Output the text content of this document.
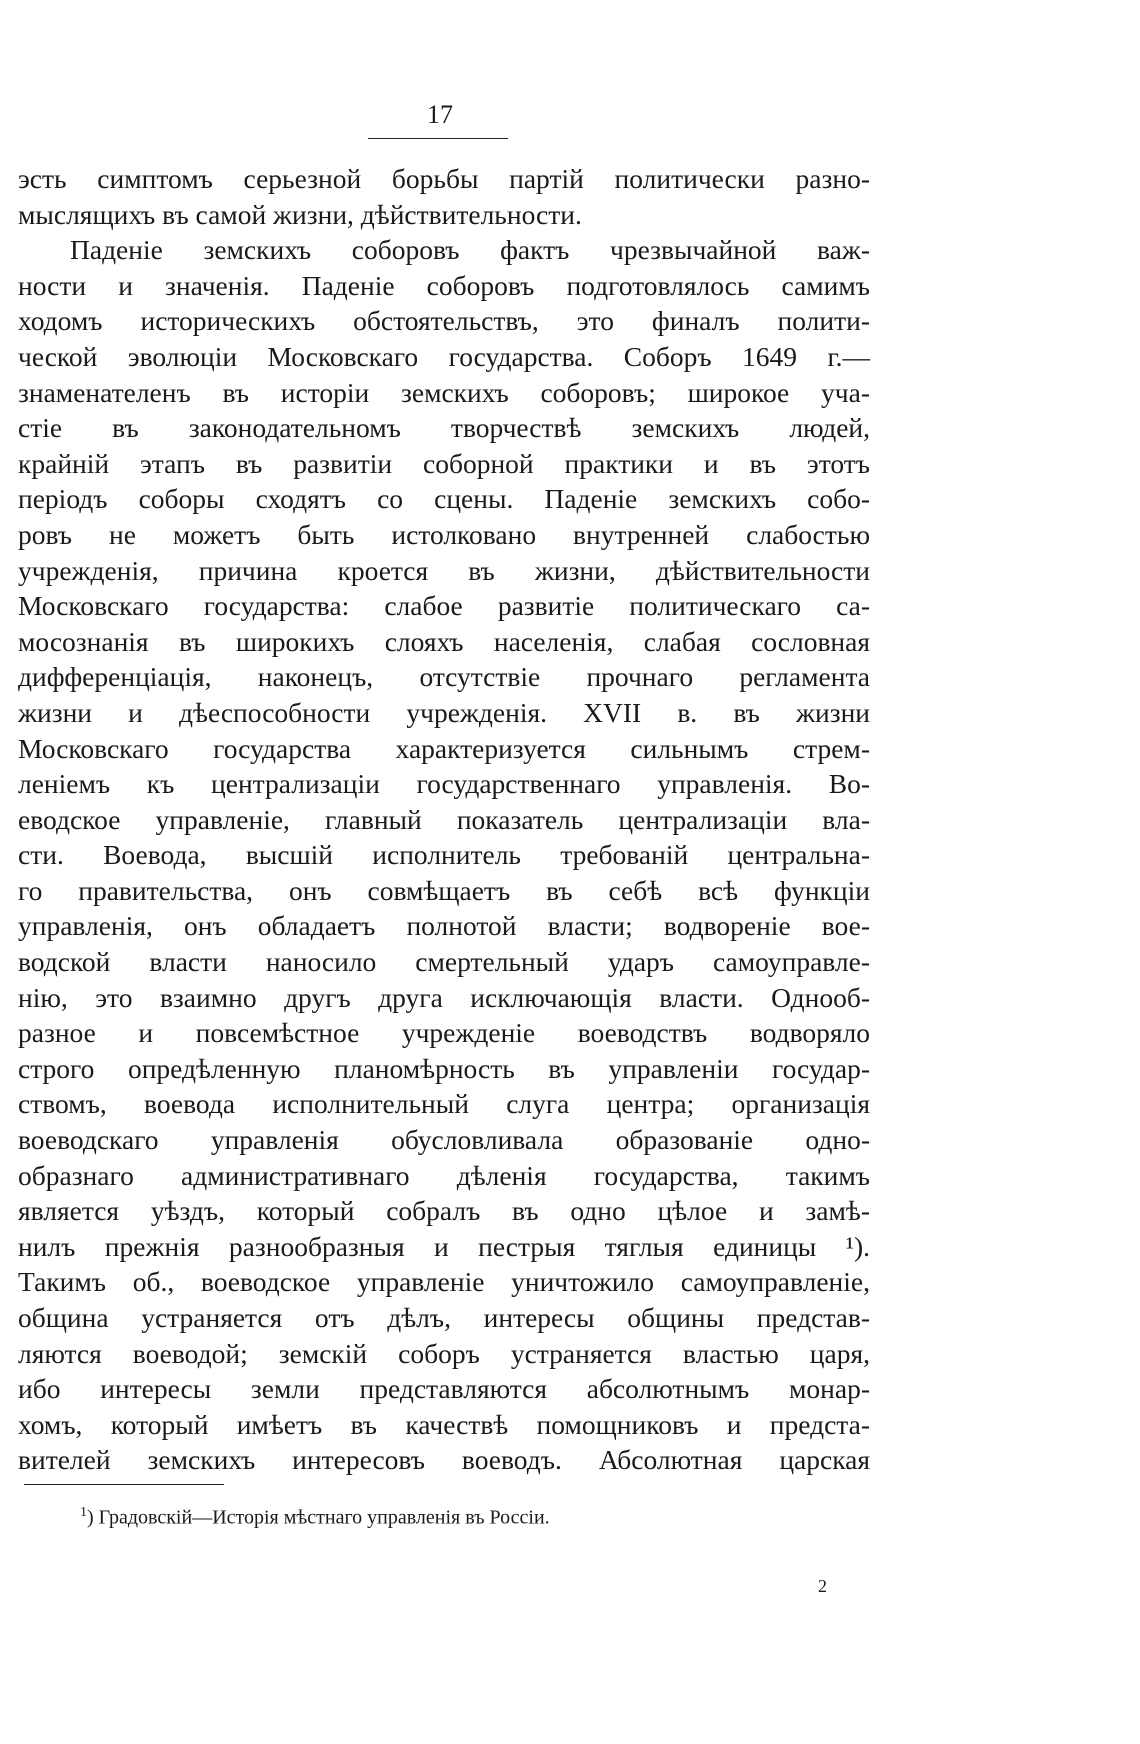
17
эсть симптомъ серьезной борьбы партій политически разно-
мыслящихъ въ самой жизни, дѣйствительности.
Паденіе земскихъ соборовъ фактъ чрезвычайной важ-
ности и значенія. Паденіе соборовъ подготовлялось самимъ
ходомъ историческихъ обстоятельствъ, это финалъ полити-
ческой эволюціи Московскаго государства. Соборъ 1649 г.—
знаменателенъ въ исторіи земскихъ соборовъ; широкое уча-
стіе въ законодательномъ творчествѣ земскихъ людей,
крайній этапъ въ развитіи соборной практики и въ этотъ
періодъ соборы сходятъ со сцены. Паденіе земскихъ собо-
ровъ не можетъ быть истолковано внутренней слабостью
учрежденія, причина кроется въ жизни, дѣйствительности
Московскаго государства: слабое развитіе политическаго са-
мосознанія въ широкихъ слояхъ населенія, слабая сословная
дифференціація, наконецъ, отсутствіе прочнаго регламента
жизни и дѣеспособности учрежденія. XVII в. въ жизни
Московскаго государства характеризуется сильнымъ стрем-
леніемъ къ централизаціи государственнаго управленія. Во-
еводское управленіе, главный показатель централизаціи вла-
сти. Воевода, высшій исполнитель требованій центральна-
го правительства, онъ совмѣщаетъ въ себѣ всѣ функціи
управленія, онъ обладаетъ полнотой власти; водвореніе вое-
водской власти наносило смертельный ударъ самоуправле-
нію, это взаимно другъ друга исключающія власти. Однооб-
разное и повсемѣстное учрежденіе воеводствъ водворяло
строго опредѣленную планомѣрность въ управленіи государ-
ствомъ, воевода исполнительный слуга центра; организація
воеводскаго управленія обусловливала образованіе одно-
образнаго административнаго дѣленія государства, такимъ
является уѣздъ, который собралъ въ одно цѣлое и замѣ-
нилъ прежнія разнообразныя и пестрыя тяглыя единицы ¹).
Такимъ об., воеводское управленіе уничтожило самоуправленіе,
община устраняется отъ дѣлъ, интересы общины представ-
ляются воеводой; земскій соборъ устраняется властью царя,
ибо интересы земли представляются абсолютнымъ монар-
хомъ, который имѣетъ въ качествѣ помощниковъ и предста-
вителей земскихъ интересовъ воеводъ. Абсолютная царская
$^1$) Градовскій—Исторія мѣстнаго управленія въ Россіи.
2
